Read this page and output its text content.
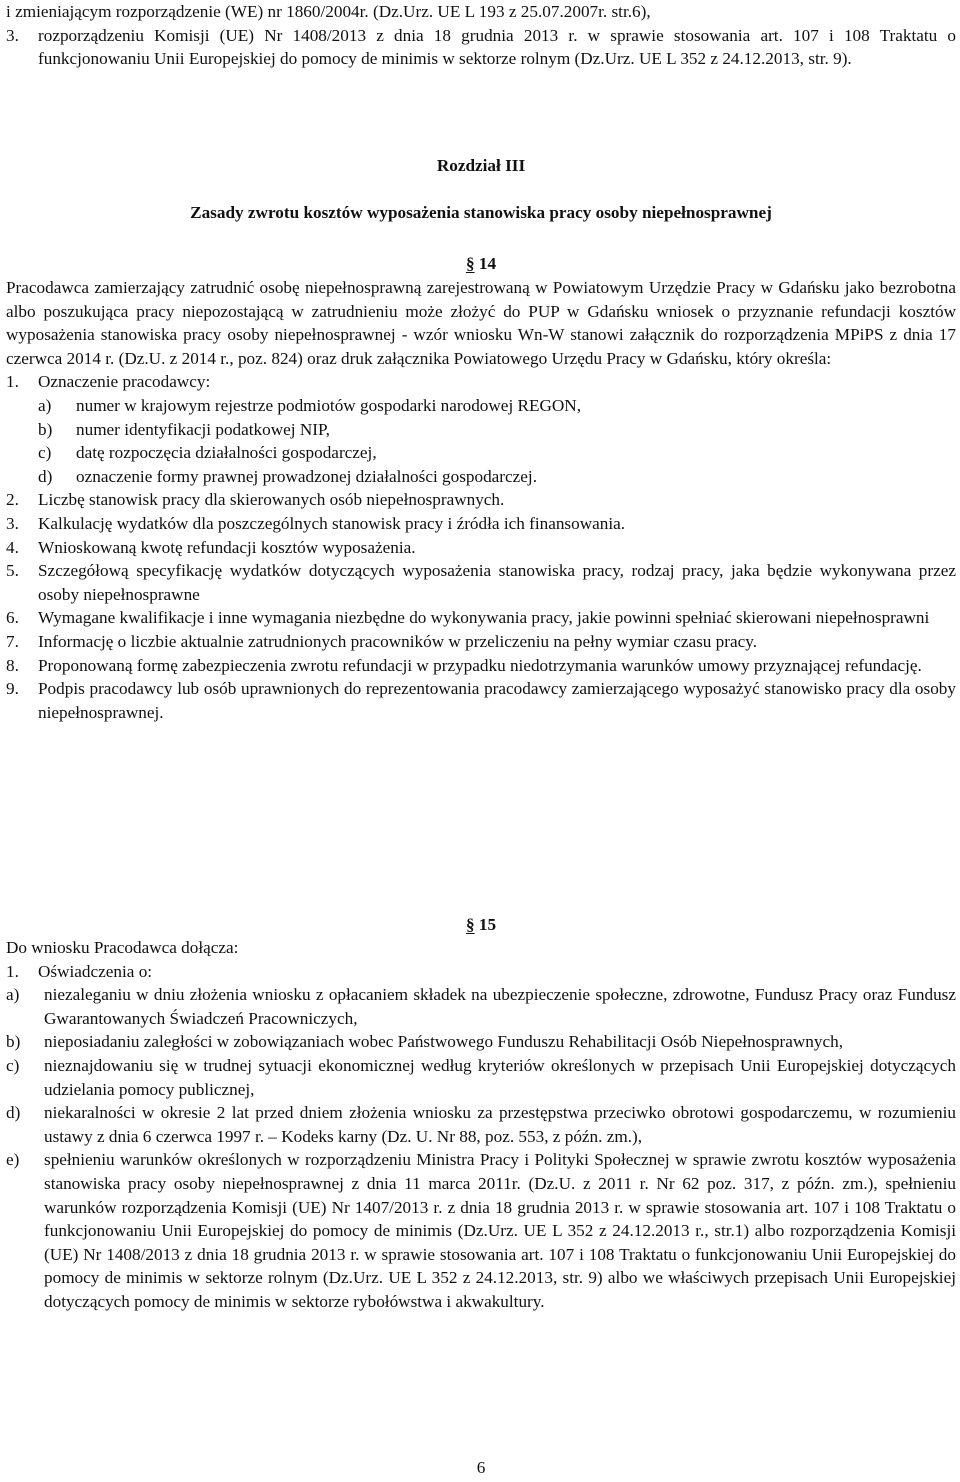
i zmieniającym rozporządzenie (WE) nr 1860/2004r. (Dz.Urz. UE L 193 z 25.07.2007r. str.6),

3.	rozporządzeniu Komisji (UE) Nr 1408/2013 z dnia 18 grudnia 2013 r. w sprawie stosowania art. 107 i 108 Traktatu o funkcjonowaniu Unii Europejskiej do pomocy de minimis w sektorze rolnym (Dz.Urz. UE L 352 z 24.12.2013, str. 9).
Rozdział III
Zasady zwrotu kosztów wyposażenia stanowiska pracy osoby niepełnosprawnej
§ 14

Pracodawca zamierzający zatrudnić osobę niepełnosprawną zarejestrowaną w Powiatowym Urzędzie Pracy w Gdańsku jako bezrobotna albo poszukująca pracy niepozostającą w zatrudnieniu może złożyć do PUP w Gdańsku wniosek o przyznanie refundacji kosztów wyposażenia stanowiska pracy osoby niepełnosprawnej - wzór wniosku Wn-W stanowi załącznik do rozporządzenia MPiPS z dnia 17 czerwca 2014 r. (Dz.U. z 2014 r., poz. 824) oraz druk załącznika Powiatowego Urzędu Pracy w Gdańsku, który określa:

1.	Oznaczenie pracodawcy:
a)	numer w krajowym rejestrze podmiotów gospodarki narodowej REGON,
b)	numer identyfikacji podatkowej NIP,
c)	datę rozpoczęcia działalności gospodarczej,
d)	oznaczenie formy prawnej prowadzonej działalności gospodarczej.
2.	Liczbę stanowisk pracy dla skierowanych osób niepełnosprawnych.
3.	Kalkulację wydatków dla poszczególnych stanowisk pracy i źródła ich finansowania.
4.	Wnioskowaną kwotę refundacji kosztów wyposażenia.
5.	Szczegółową specyfikację wydatków dotyczących wyposażenia stanowiska pracy, rodzaj pracy, jaka będzie wykonywana przez osoby niepełnosprawne
6.	Wymagane kwalifikacje i inne wymagania niezbędne do wykonywania pracy, jakie powinni spełniać skierowani niepełnosprawni
7.	Informację o liczbie aktualnie zatrudnionych pracowników w przeliczeniu na pełny wymiar czasu pracy.
8.	Proponowaną formę zabezpieczenia zwrotu refundacji w przypadku niedotrzymania warunków umowy przyznającej refundację.
9.	Podpis pracodawcy lub osób uprawnionych do reprezentowania pracodawcy zamierzającego wyposażyć stanowisko pracy dla osoby niepełnosprawnej.
§ 15

Do wniosku Pracodawca dołącza:

1.	Oświadczenia o:
a)	niezaleganiu w dniu złożenia wniosku z opłacaniem składek na ubezpieczenie społeczne, zdrowotne, Fundusz Pracy oraz Fundusz Gwarantowanych Świadczeń Pracowniczych,
b)	nieposiadaniu zaległości w zobowiązaniach wobec Państwowego Funduszu Rehabilitacji Osób Niepełnosprawnych,
c)	nieznajdowaniu się w trudnej sytuacji ekonomicznej według kryteriów określonych w przepisach Unii Europejskiej dotyczących udzielania pomocy publicznej,
d)	niekaralności w okresie 2 lat przed dniem złożenia wniosku za przestępstwa przeciwko obrotowi gospodarczemu, w rozumieniu ustawy z dnia 6 czerwca 1997 r. – Kodeks karny (Dz. U. Nr 88, poz. 553, z późn. zm.),
e)	spełnieniu warunków określonych w rozporządzeniu Ministra Pracy i Polityki Społecznej w sprawie zwrotu kosztów wyposażenia stanowiska pracy osoby niepełnosprawnej z dnia 11 marca 2011r. (Dz.U. z 2011 r. Nr 62 poz. 317, z późn. zm.), spełnieniu warunków rozporządzenia Komisji (UE) Nr 1407/2013 r. z dnia 18 grudnia 2013 r. w sprawie stosowania art. 107 i 108 Traktatu o funkcjonowaniu Unii Europejskiej do pomocy de minimis (Dz.Urz. UE L 352 z 24.12.2013 r., str.1) albo rozporządzenia Komisji (UE) Nr 1408/2013 z dnia 18 grudnia 2013 r. w sprawie stosowania art. 107 i 108 Traktatu o funkcjonowaniu Unii Europejskiej do pomocy de minimis w sektorze rolnym (Dz.Urz. UE L 352 z 24.12.2013, str. 9) albo we właściwych przepisach Unii Europejskiej dotyczących pomocy de minimis w sektorze rybołówstwa i akwakultury.
6
